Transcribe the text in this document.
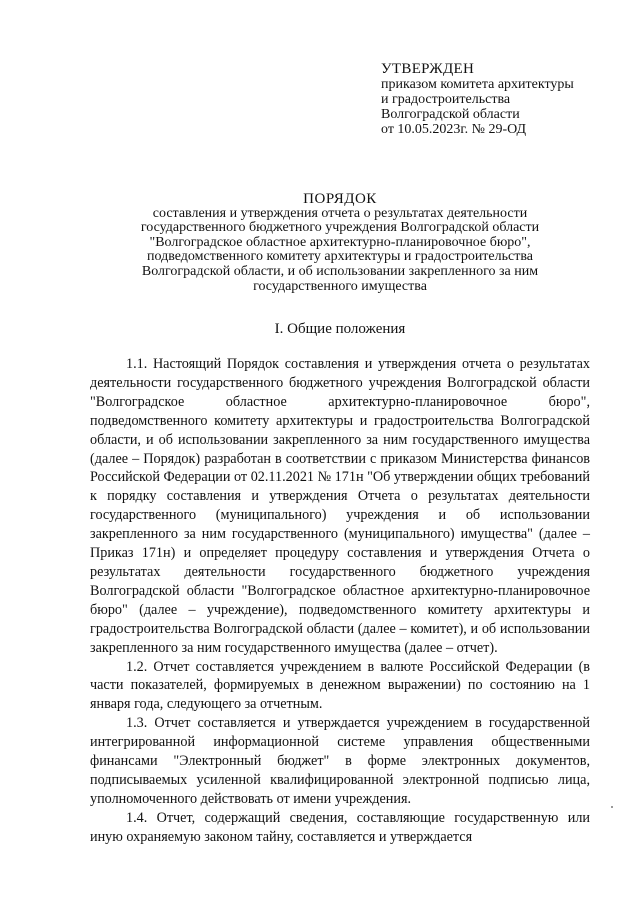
УТВЕРЖДЕН
приказом комитета архитектуры
и градостроительства
Волгоградской области
от 10.05.2023г. № 29-ОД
ПОРЯДОК
составления и утверждения отчета о результатах деятельности
государственного бюджетного учреждения Волгоградской области
"Волгоградское областное архитектурно-планировочное бюро",
подведомственного комитету архитектуры и градостроительства
Волгоградской области, и об использовании закрепленного за ним
государственного имущества
I. Общие положения

1.1. Настоящий Порядок составления и утверждения отчета о результатах деятельности государственного бюджетного учреждения Волгоградской области "Волгоградское областное архитектурно-планировочное бюро", подведомственного комитету архитектуры и градостроительства Волгоградской области, и об использовании закрепленного за ним государственного имущества (далее – Порядок) разработан в соответствии с приказом Министерства финансов Российской Федерации от 02.11.2021 № 171н "Об утверждении общих требований к порядку составления и утверждения Отчета о результатах деятельности государственного (муниципального) учреждения и об использовании закрепленного за ним государственного (муниципального) имущества" (далее – Приказ 171н) и определяет процедуру составления и утверждения Отчета о результатах деятельности государственного бюджетного учреждения Волгоградской области "Волгоградское областное архитектурно-планировочное бюро" (далее – учреждение), подведомственного комитету архитектуры и градостроительства Волгоградской области (далее – комитет), и об использовании закрепленного за ним государственного имущества (далее – отчет).

1.2. Отчет составляется учреждением в валюте Российской Федерации (в части показателей, формируемых в денежном выражении) по состоянию на 1 января года, следующего за отчетным.

1.3. Отчет составляется и утверждается учреждением в государственной интегрированной информационной системе управления общественными финансами "Электронный бюджет" в форме электронных документов, подписываемых усиленной квалифицированной электронной подписью лица, уполномоченного действовать от имени учреждения.

1.4. Отчет, содержащий сведения, составляющие государственную или иную охраняемую законом тайну, составляется и утверждается
